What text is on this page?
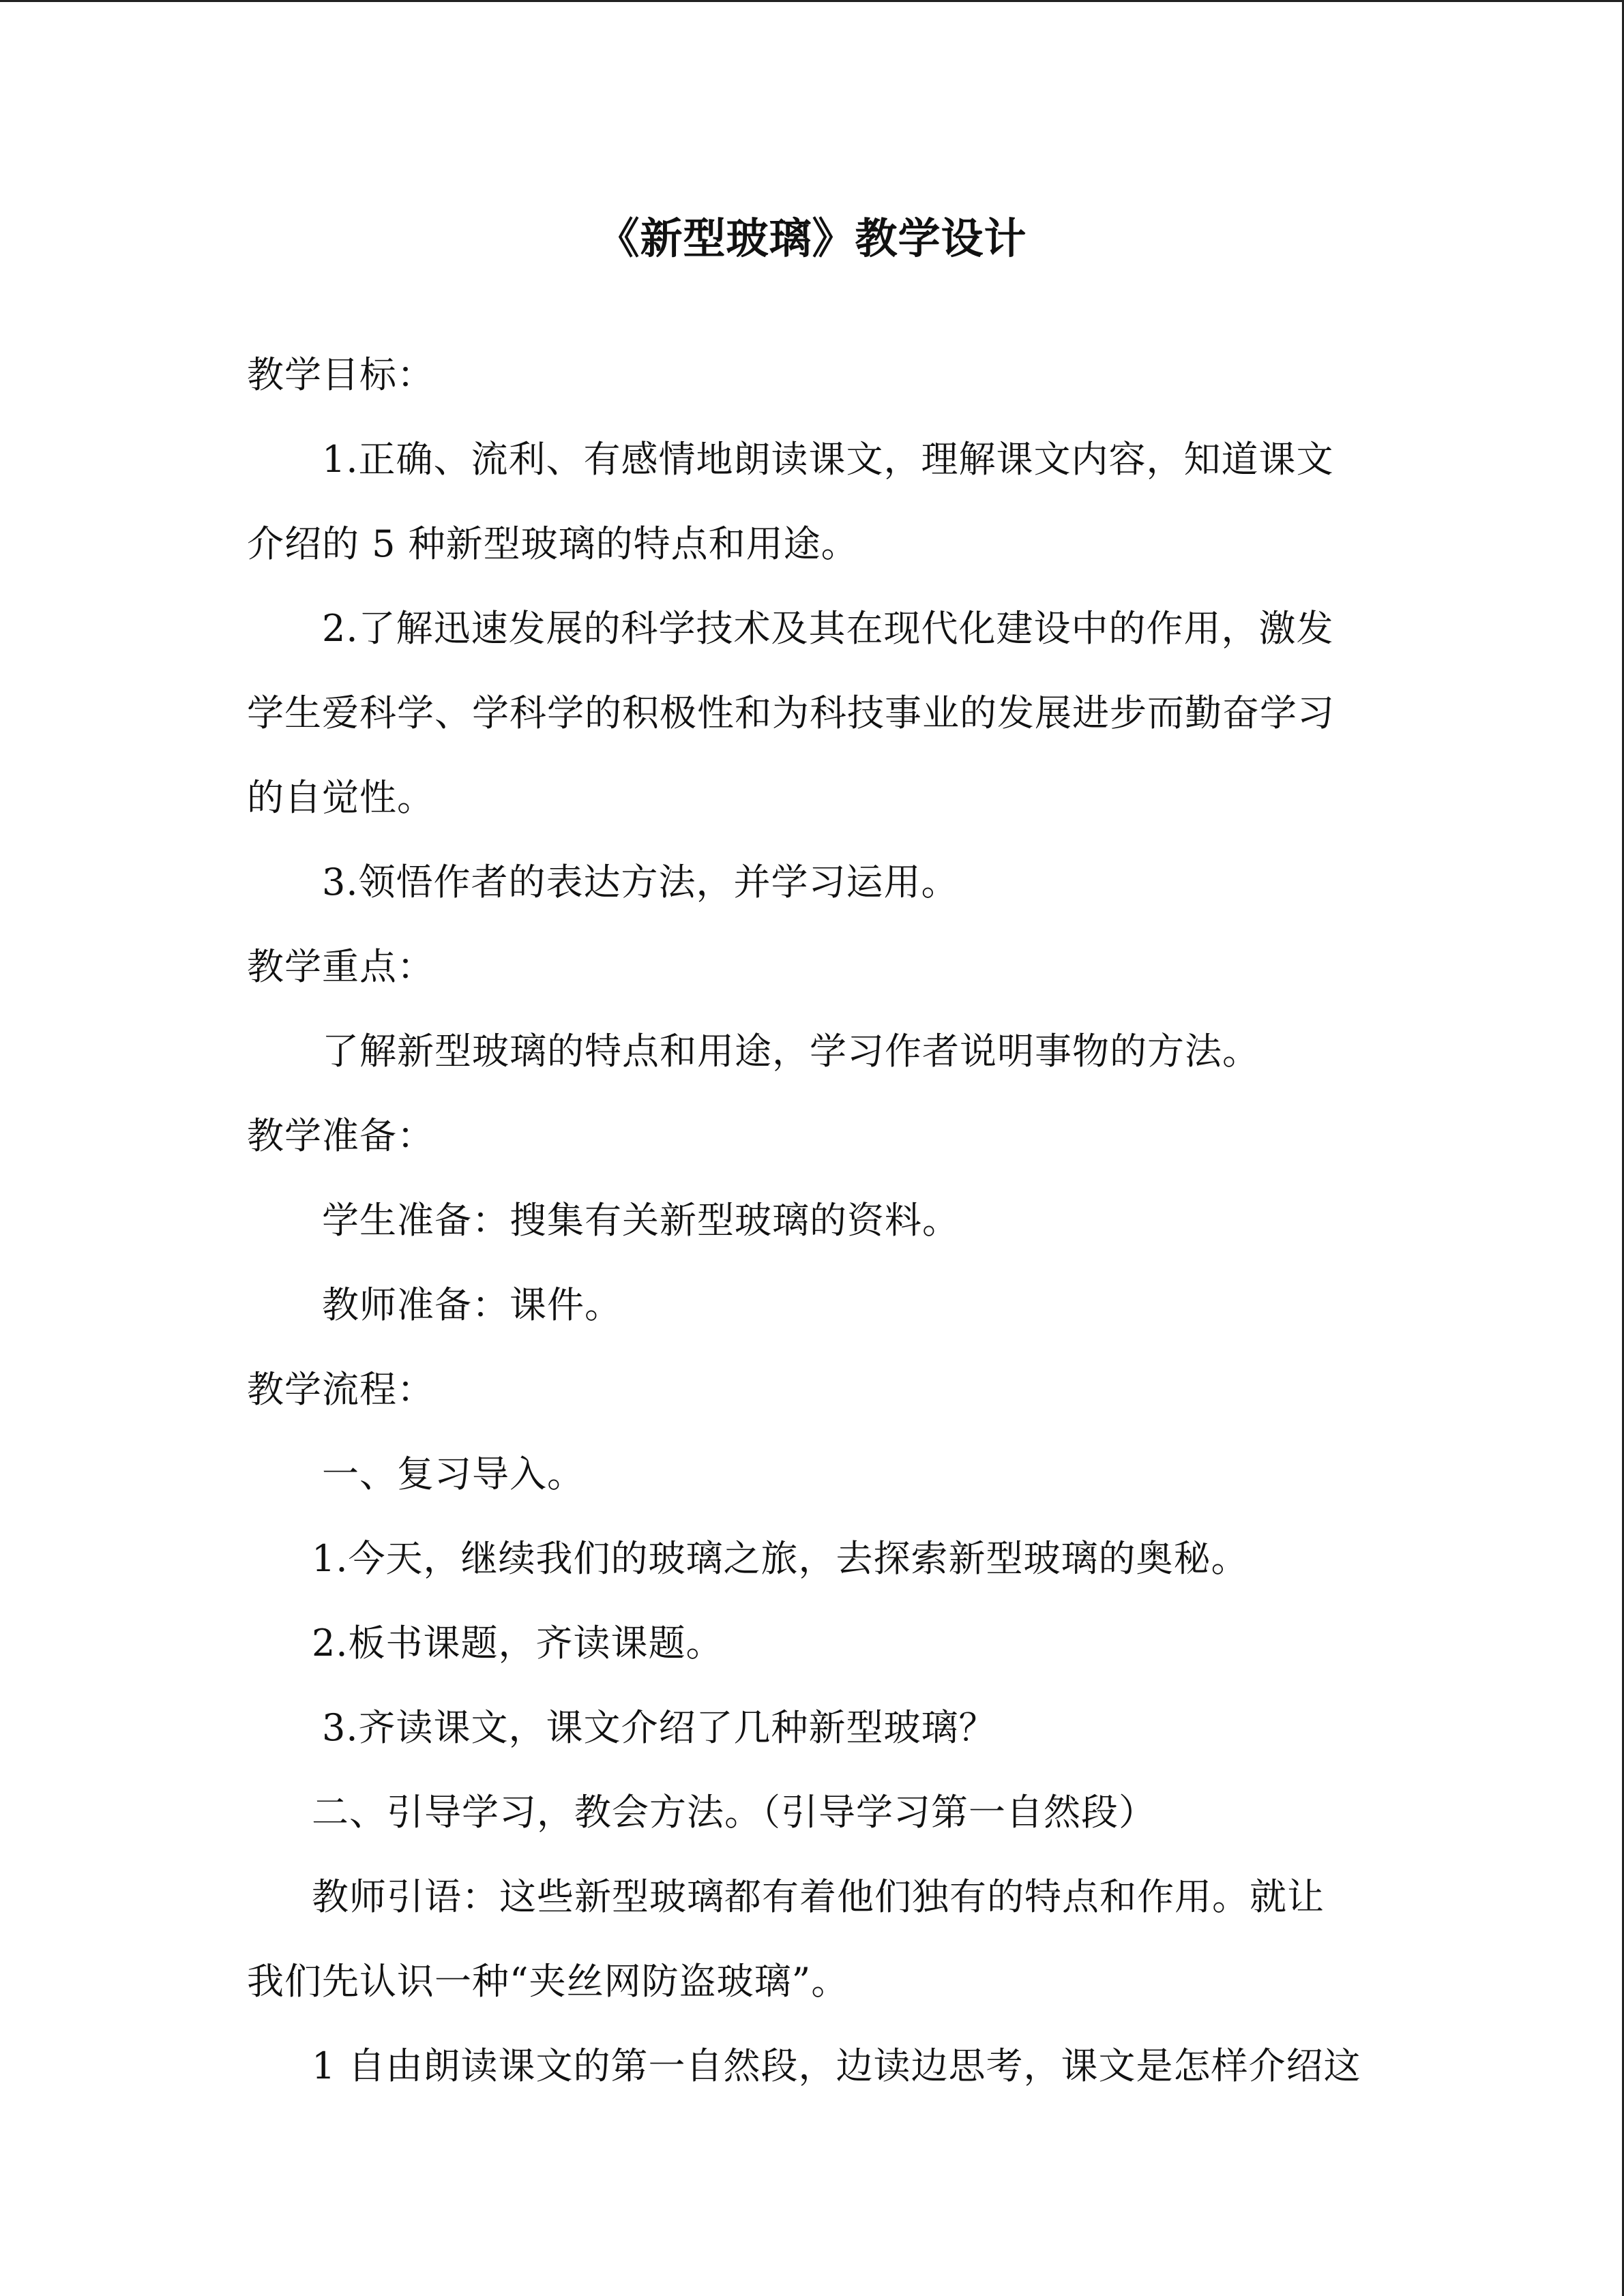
《新型玻璃》教学设计
教学目标：
1.正确、流利、有感情地朗读课文，理解课文内容，知道课文
介绍的 5 种新型玻璃的特点和用途。
2.了解迅速发展的科学技术及其在现代化建设中的作用，激发
学生爱科学、学科学的积极性和为科技事业的发展进步而勤奋学习
的自觉性。
3.领悟作者的表达方法，并学习运用。
教学重点：
了解新型玻璃的特点和用途，学习作者说明事物的方法。
教学准备：
学生准备：搜集有关新型玻璃的资料。
教师准备：课件。
教学流程：
一、复习导入。
1.今天，继续我们的玻璃之旅，去探索新型玻璃的奥秘。
2.板书课题，齐读课题。
3.齐读课文，课文介绍了几种新型玻璃？
二、引导学习，教会方法。（引导学习第一自然段）
教师引语：这些新型玻璃都有着他们独有的特点和作用。就让
我们先认识一种“夹丝网防盗玻璃”。
1 自由朗读课文的第一自然段，边读边思考，课文是怎样介绍这
